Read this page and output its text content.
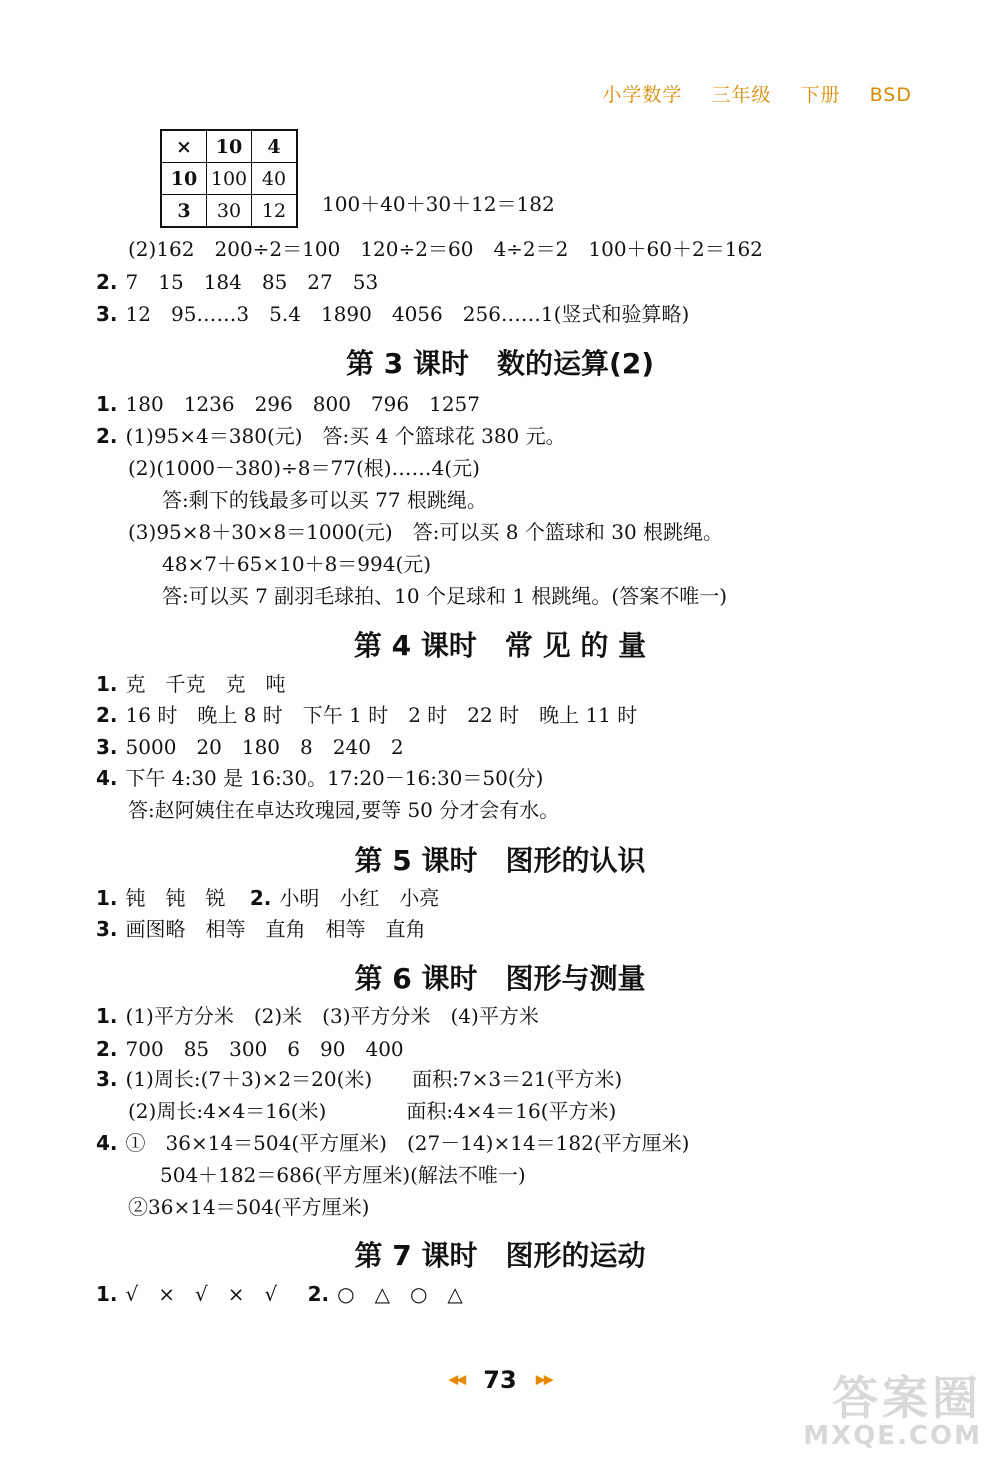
小学数学 三年级 下册 BSD
×	10	4
10	100	40
3	30	12 100＋40＋30＋12＝182
(2)162　200÷2＝100　120÷2＝60　4÷2＝2　100＋60＋2＝162
2. 7　15　184　85　27　53
3. 12　95……3　5.4　1890　4056　256……1(竖式和验算略)
第 3 课时　数的运算(2)
1. 180　1236　296　800　796　1257
2. (1)95×4＝380(元)　答:买 4 个篮球花 380 元。
(2)(1000－380)÷8＝77(根)……4(元)
答:剩下的钱最多可以买 77 根跳绳。
(3)95×8＋30×8＝1000(元)　答:可以买 8 个篮球和 30 根跳绳。
48×7＋65×10＋8＝994(元)
答:可以买 7 副羽毛球拍、10 个足球和 1 根跳绳。(答案不唯一)
第 4 课时　常 见 的 量
1. 克　千克　克　吨
2. 16 时　晚上 8 时　下午 1 时　2 时　22 时　晚上 11 时
3. 5000　20　180　8　240　2
4. 下午 4:30 是 16:30。17:20－16:30＝50(分)
答:赵阿姨住在卓达玫瑰园,要等 50 分才会有水。
第 5 课时　图形的认识
1. 钝　钝　锐 2. 小明　小红　小亮
3. 画图略　相等　直角　相等　直角
第 6 课时　图形与测量
1. (1)平方分米　(2)米　(3)平方分米　(4)平方米
2. 700　85　300　6　90　400
3. (1)周长:(7＋3)×2＝20(米)　　面积:7×3＝21(平方米)
(2)周长:4×4＝16(米)　　　　面积:4×4＝16(平方米)
4. ①　36×14＝504(平方厘米)　(27－14)×14＝182(平方厘米)
504＋182＝686(平方厘米)(解法不唯一)
②36×14＝504(平方厘米)
第 7 课时　图形的运动
1. √　×　√　×　√ 2. ○　△　○　△
◀◀ 73 ▶▶	答案圈
MXQE.COM
